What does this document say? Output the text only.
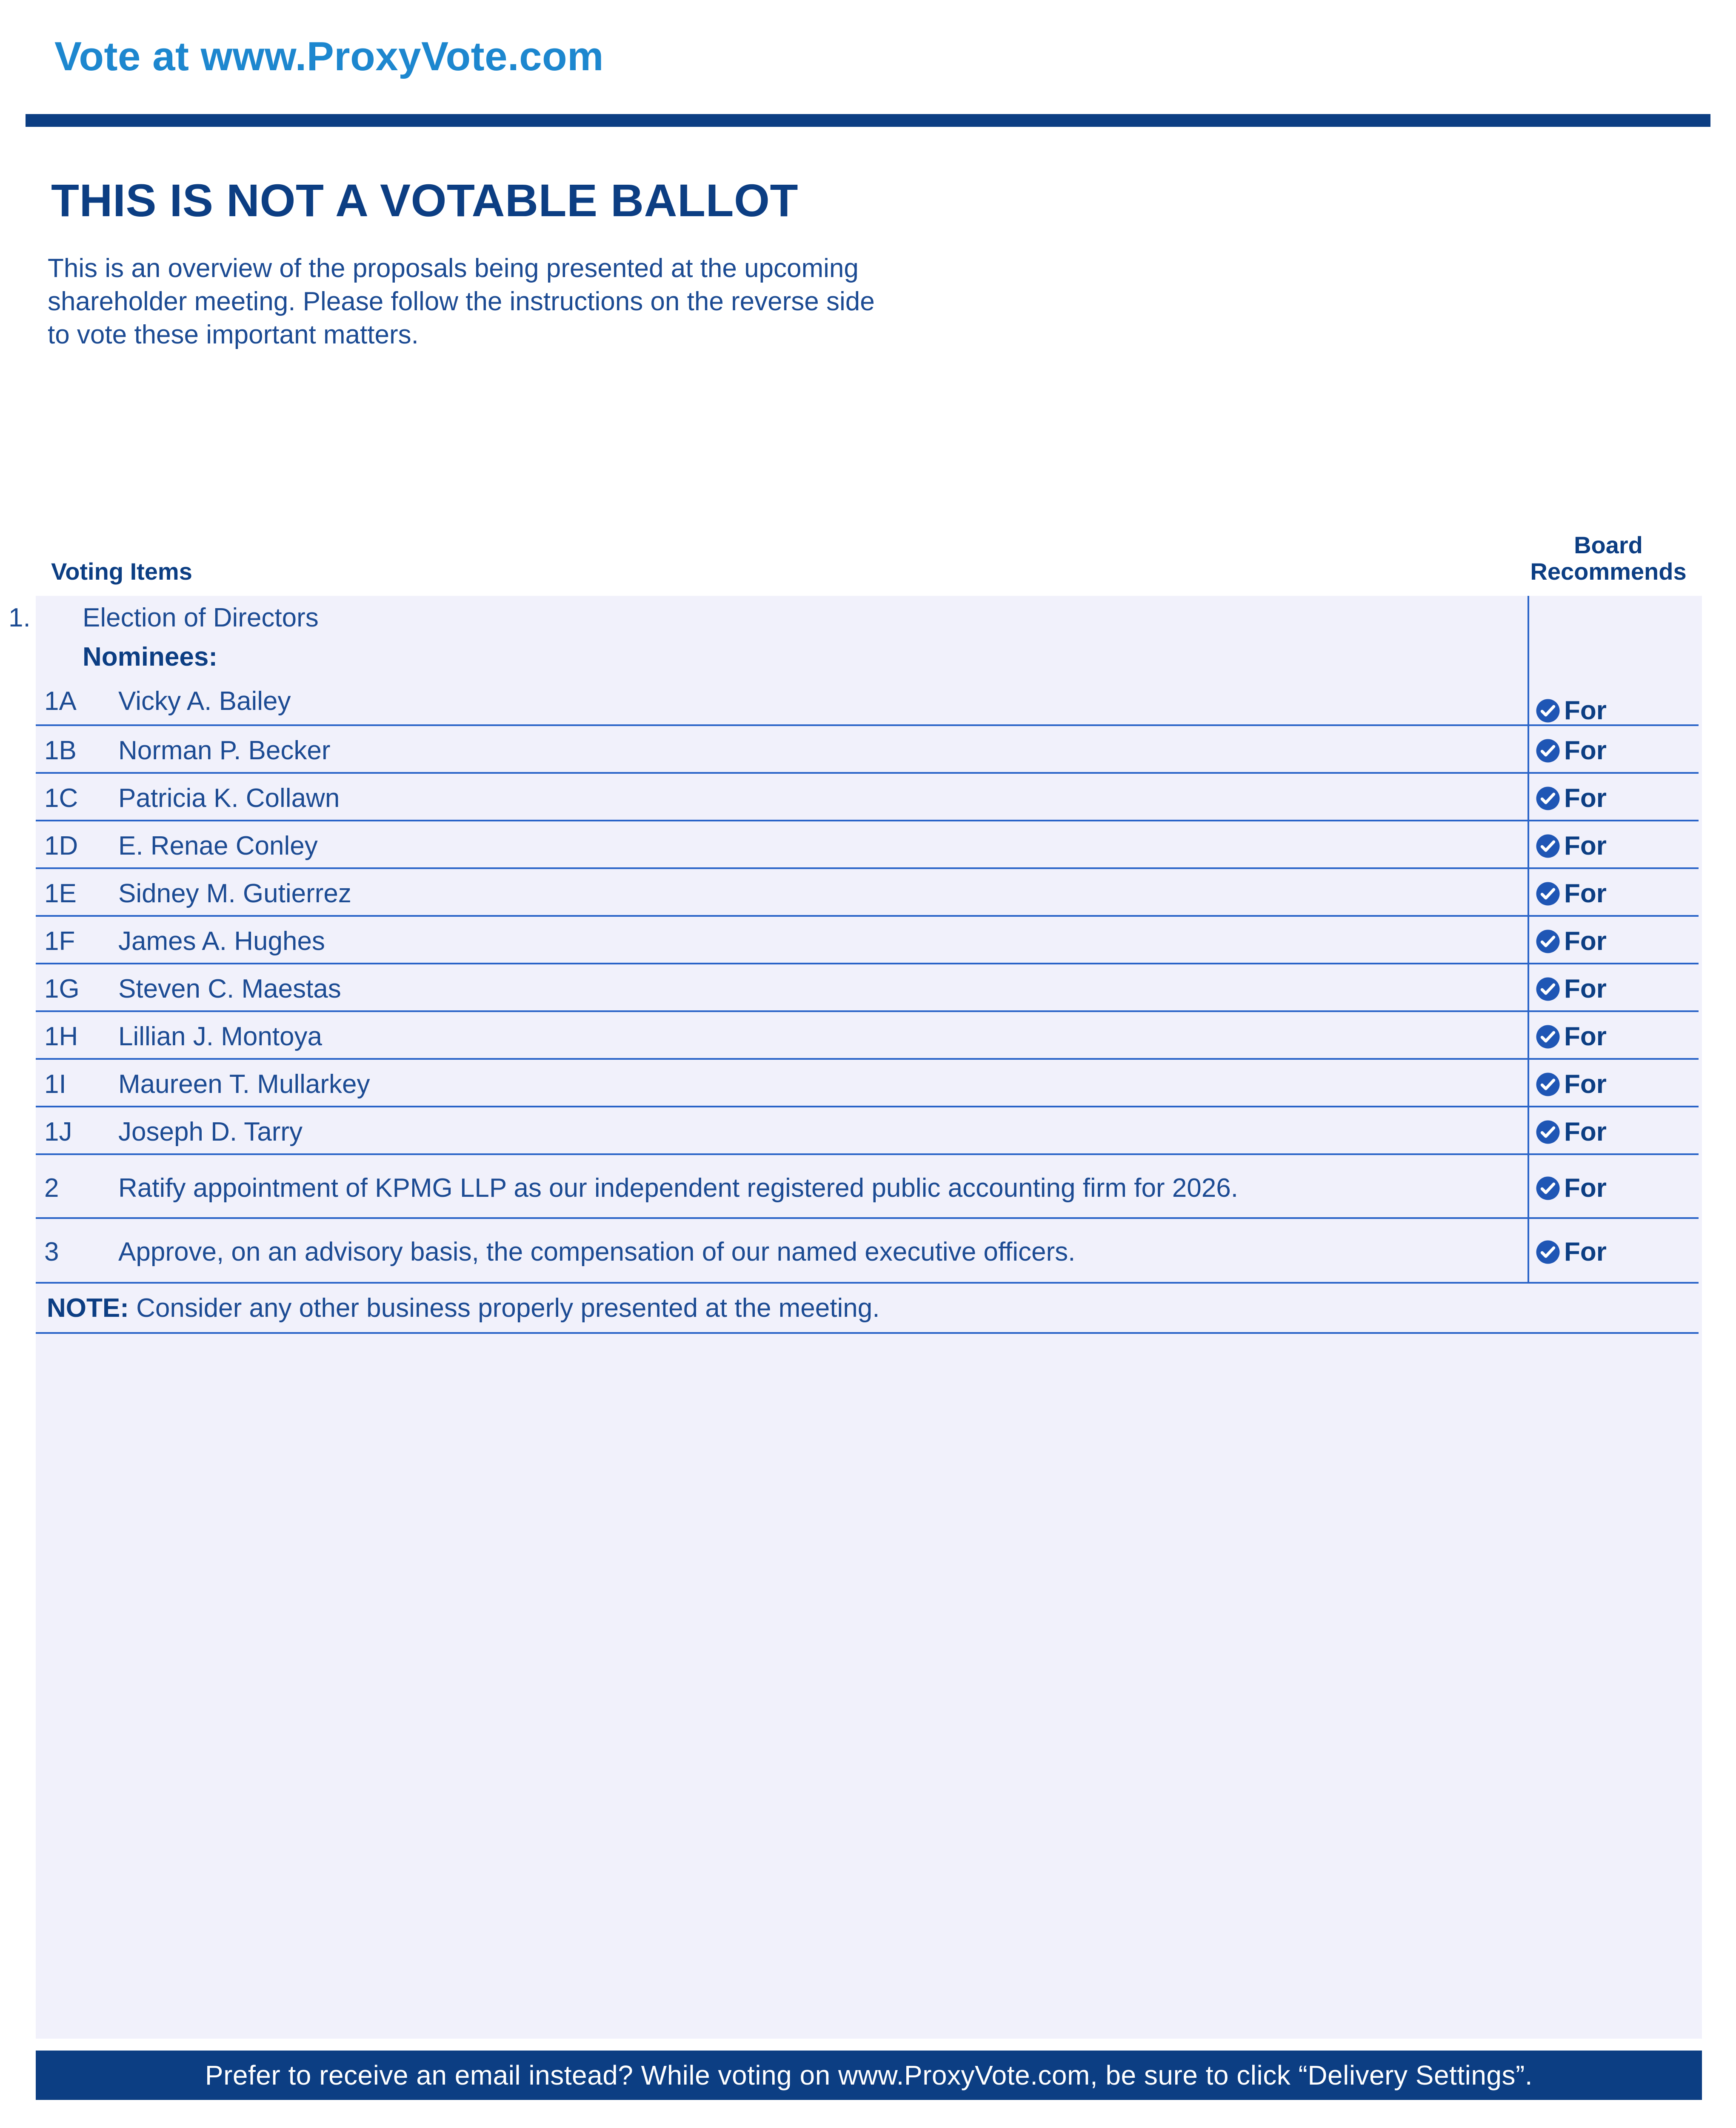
Vote at www.ProxyVote.com
THIS IS NOT A VOTABLE BALLOT
This is an overview of the proposals being presented at the upcoming shareholder meeting. Please follow the instructions on the reverse side to vote these important matters.
Voting Items
Board
Recommends
1. Election of Directors
Nominees:
1A Vicky A. Bailey	For
1B Norman P. Becker	For
1C Patricia K. Collawn	For
1D E. Renae Conley	For
1E Sidney M. Gutierrez	For
1F James A. Hughes	For
1G Steven C. Maestas	For
1H Lillian J. Montoya	For
1I Maureen T. Mullarkey	For
1J Joseph D. Tarry	For
2 Ratify appointment of KPMG LLP as our independent registered public accounting firm for 2026.	For
3 Approve, on an advisory basis, the compensation of our named executive officers.	For
NOTE: Consider any other business properly presented at the meeting.
Prefer to receive an email instead? While voting on www.ProxyVote.com, be sure to click “Delivery Settings”.
